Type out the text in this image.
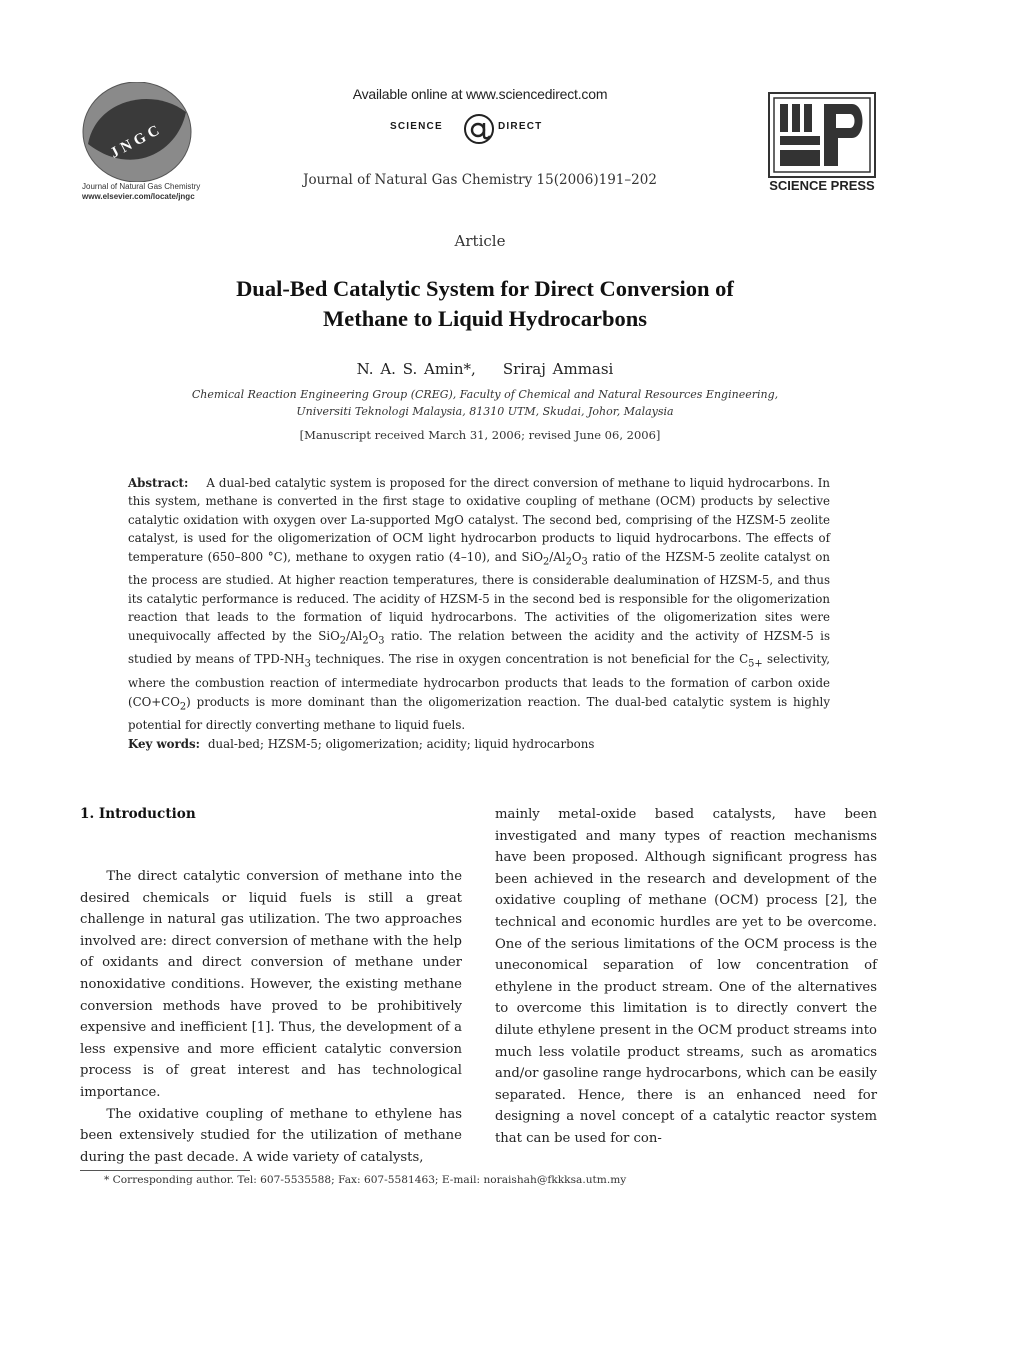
JNGC
Journal of Natural Gas Chemistry
www.elsevier.com/locate/jngc
Available online at www.sciencedirect.com
SCIENCE	DIRECT
Journal of Natural Gas Chemistry 15(2006)191–202	SCIENCE PRESS
Article
Dual-Bed Catalytic System for Direct Conversion of
Methane to Liquid Hydrocarbons
N. A. S. Amin*, Sriraj Ammasi
Chemical Reaction Engineering Group (CREG), Faculty of Chemical and Natural Resources Engineering,
Universiti Teknologi Malaysia, 81310 UTM, Skudai, Johor, Malaysia
[Manuscript received March 31, 2006; revised June 06, 2006]
Abstract: A dual-bed catalytic system is proposed for the direct conversion of methane to liquid hydrocarbons. In this system, methane is converted in the first stage to oxidative coupling of methane (OCM) products by selective catalytic oxidation with oxygen over La-supported MgO catalyst. The second bed, comprising of the HZSM-5 zeolite catalyst, is used for the oligomerization of OCM light hydrocarbon products to liquid hydrocarbons. The effects of temperature (650–800 °C), methane to oxygen ratio (4–10), and $SiO_2/Al_2O_3$ ratio of the HZSM-5 zeolite catalyst on the process are studied. At higher reaction temperatures, there is considerable dealumination of HZSM-5, and thus its catalytic performance is reduced. The acidity of HZSM-5 in the second bed is responsible for the oligomerization reaction that leads to the formation of liquid hydrocarbons. The activities of the oligomerization sites were unequivocally affected by the $SiO_2/Al_2O_3$ ratio. The relation between the acidity and the activity of HZSM-5 is studied by means of TPD-$NH_3$ techniques. The rise in oxygen concentration is not beneficial for the $C_{5+}$ selectivity, where the combustion reaction of intermediate hydrocarbon products that leads to the formation of carbon oxide $(CO+CO_2)$ products is more dominant than the oligomerization reaction. The dual-bed catalytic system is highly potential for directly converting methane to liquid fuels.
Key words: dual-bed; HZSM-5; oligomerization; acidity; liquid hydrocarbons
1. Introduction

The direct catalytic conversion of methane into the desired chemicals or liquid fuels is still a great challenge in natural gas utilization. The two approaches involved are: direct conversion of methane with the help of oxidants and direct conversion of methane under nonoxidative conditions. However, the existing methane conversion methods have proved to be prohibitively expensive and inefficient [1]. Thus, the development of a less expensive and more efficient catalytic conversion process is of great interest and has technological importance.

The oxidative coupling of methane to ethylene has been extensively studied for the utilization of methane during the past decade. A wide variety of catalysts,

mainly metal-oxide based catalysts, have been investigated and many types of reaction mechanisms have been proposed. Although significant progress has been achieved in the research and development of the oxidative coupling of methane (OCM) process [2], the technical and economic hurdles are yet to be overcome. One of the serious limitations of the OCM process is the uneconomical separation of low concentration of ethylene in the product stream. One of the alternatives to overcome this limitation is to directly convert the dilute ethylene present in the OCM product streams into much less volatile product streams, such as aromatics and/or gasoline range hydrocarbons, which can be easily separated. Hence, there is an enhanced need for designing a novel concept of a catalytic reactor system that can be used for con-

* Corresponding author. Tel: 607-5535588; Fax: 607-5581463; E-mail: noraishah@fkkksa.utm.my
